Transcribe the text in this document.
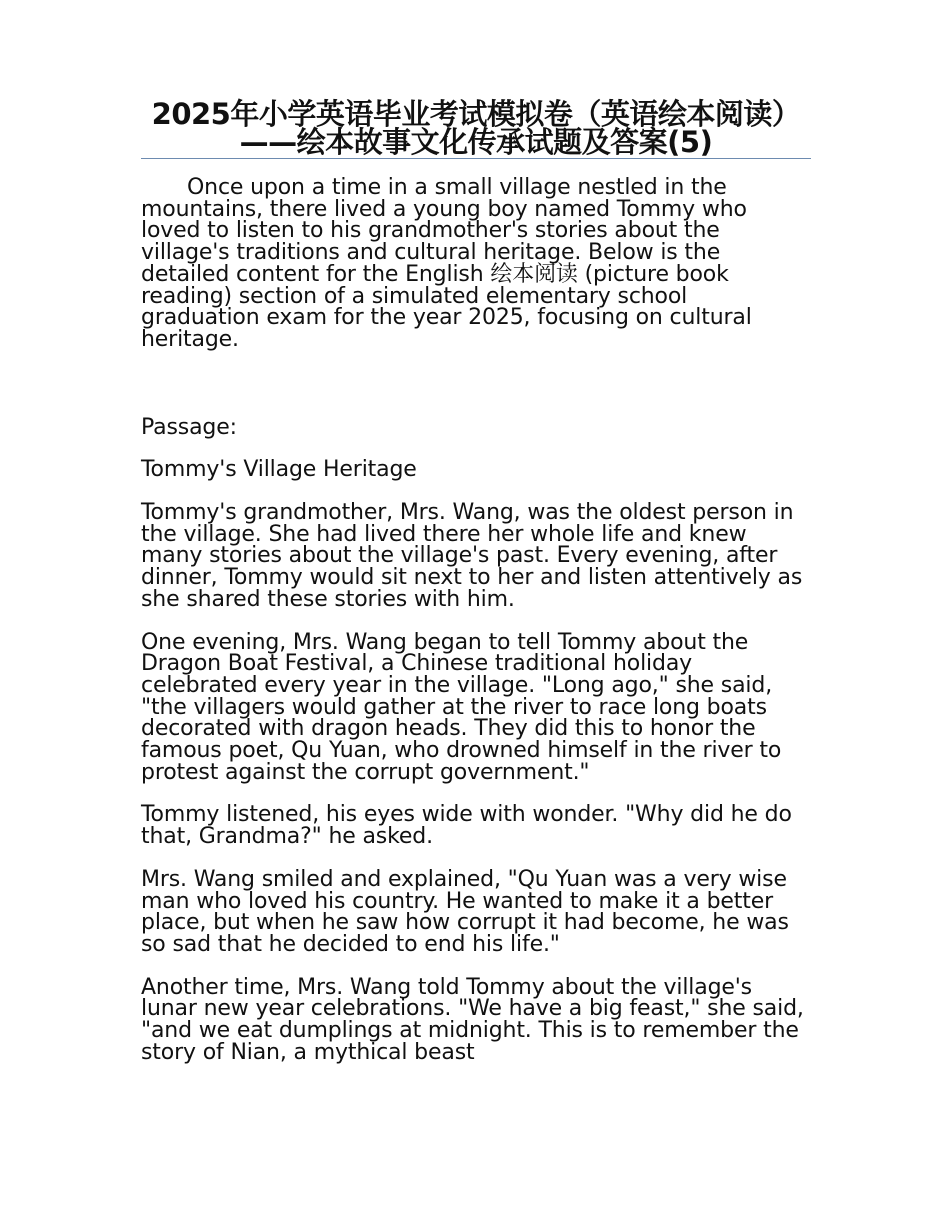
2025年小学英语毕业考试模拟卷（英语绘本阅读）——绘本故事文化传承试题及答案(5)

Once upon a time in a small village nestled in the mountains, there lived a young boy named Tommy who loved to listen to his grandmother's stories about the village's traditions and cultural heritage. Below is the detailed content for the English 绘本阅读 (picture book reading) section of a simulated elementary school graduation exam for the year 2025, focusing on cultural heritage.

Passage:

Tommy's Village Heritage

Tommy's grandmother, Mrs. Wang, was the oldest person in the village. She had lived there her whole life and knew many stories about the village's past. Every evening, after dinner, Tommy would sit next to her and listen attentively as she shared these stories with him.

One evening, Mrs. Wang began to tell Tommy about the Dragon Boat Festival, a Chinese traditional holiday celebrated every year in the village. "Long ago," she said, "the villagers would gather at the river to race long boats decorated with dragon heads. They did this to honor the famous poet, Qu Yuan, who drowned himself in the river to protest against the corrupt government."

Tommy listened, his eyes wide with wonder. "Why did he do that, Grandma?" he asked.

Mrs. Wang smiled and explained, "Qu Yuan was a very wise man who loved his country. He wanted to make it a better place, but when he saw how corrupt it had become, he was so sad that he decided to end his life."

Another time, Mrs. Wang told Tommy about the village's lunar new year celebrations. "We have a big feast," she said, "and we eat dumplings at midnight. This is to remember the story of Nian, a mythical beast
